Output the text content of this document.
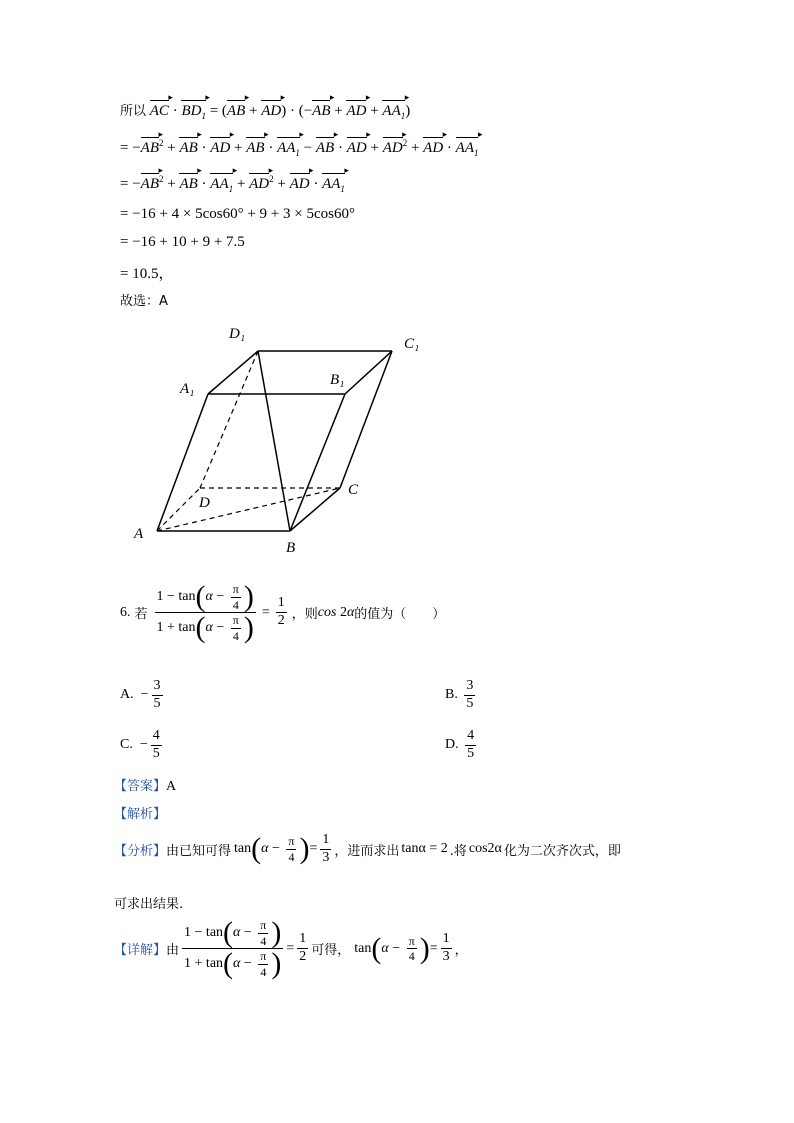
所以 AC ▸ · $BD_1$ ▸ = (AB ▸ + AD ▸) · (−AB ▸ + AD ▸ + $AA_1$ ▸)
= −AB ▸$^2$ + AB ▸ · AD ▸ + AB ▸ · $AA_1$ ▸ − AB ▸ · AD ▸ + AD ▸$^2$ + AD ▸ · $AA_1$ ▸
= −AB ▸$^2$ + AB ▸ · $AA_1$ ▸ + AD ▸$^2$ + AD ▸ · $AA_1$ ▸
= −16 + 4 × 5cos60° + 9 + 3 × 5cos60°
= −16 + 10 + 9 + 7.5
= 10.5，
故选：A
D₁
C₁
A₁
B₁
D
C
A
B
6. 若 $\frac{1 - \tan ( \alpha - \frac{\pi}{4} )}{1 + \tan ( \alpha - \frac{\pi}{4} )} = \frac{1}{2}$ ，则 cos 2 α 的值为（　　）
A.
− $\frac{3}{5}$	B.
$\frac{3}{5}$
C.
− $\frac{4}{5}$	D.
$\frac{4}{5}$
【答案】A
【解析】
【分析】 由已知可得 tan ( $\alpha - \frac{\pi}{4}$ ) = $\frac{1}{3}$ ，进而求出 tanα = 2 .将 cos2α 化为二次齐次式，即
可求出结果.
【详解】 由 $\frac{1 - \tan ( \alpha - \frac{\pi}{4} )}{1 + \tan ( \alpha - \frac{\pi}{4} )} = \frac{1}{2}$ 可得， tan ( $\alpha - \frac{\pi}{4}$ ) = $\frac{1}{3}$ ，
